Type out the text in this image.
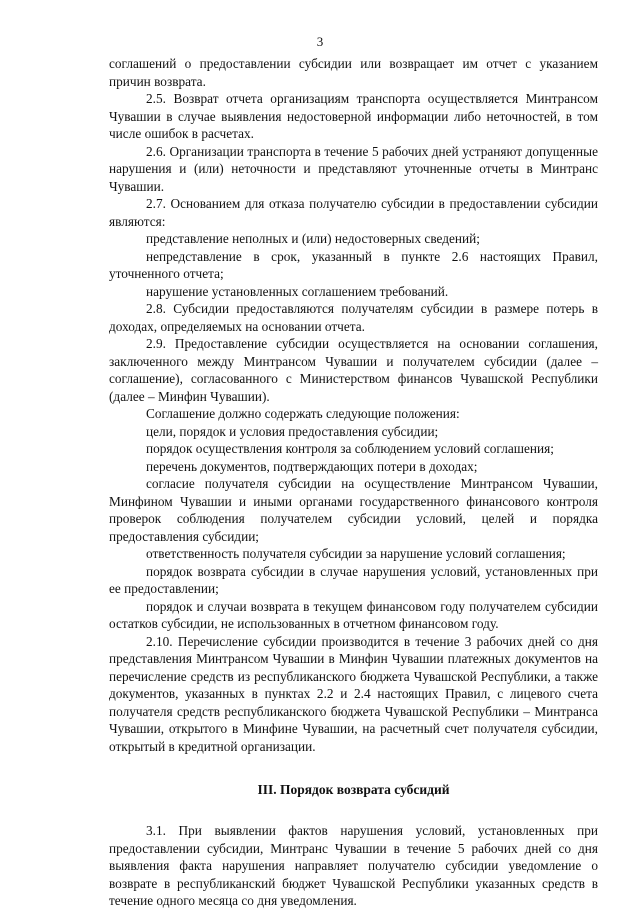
3

соглашений о предоставлении субсидии или возвращает им отчет с указанием причин возврата.

2.5. Возврат отчета организациям транспорта осуществляется Минтрансом Чувашии в случае выявления недостоверной информации либо неточностей, в том числе ошибок в расчетах.

2.6. Организации транспорта в течение 5 рабочих дней устраняют допущенные нарушения и (или) неточности и представляют уточненные отчеты в Минтранс Чувашии.

2.7. Основанием для отказа получателю субсидии в предоставлении субсидии являются:

представление неполных и (или) недостоверных сведений;

непредставление в срок, указанный в пункте 2.6 настоящих Правил, уточненного отчета;

нарушение установленных соглашением требований.

2.8. Субсидии предоставляются получателям субсидии в размере потерь в доходах, определяемых на основании отчета.

2.9. Предоставление субсидии осуществляется на основании соглашения, заключенного между Минтрансом Чувашии и получателем субсидии (далее – соглашение), согласованного с Министерством финансов Чувашской Республики (далее – Минфин Чувашии).

Соглашение должно содержать следующие положения:

цели, порядок и условия предоставления субсидии;

порядок осуществления контроля за соблюдением условий соглашения;

перечень документов, подтверждающих потери в доходах;

согласие получателя субсидии на осуществление Минтрансом Чувашии, Минфином Чувашии и иными органами государственного финансового контроля проверок соблюдения получателем субсидии условий, целей и порядка предоставления субсидии;

ответственность получателя субсидии за нарушение условий соглашения;

порядок возврата субсидии в случае нарушения условий, установленных при ее предоставлении;

порядок и случаи возврата в текущем финансовом году получателем субсидии остатков субсидии, не использованных в отчетном финансовом году.

2.10. Перечисление субсидии производится в течение 3 рабочих дней со дня представления Минтрансом Чувашии в Минфин Чувашии платежных документов на перечисление средств из республиканского бюджета Чувашской Республики, а также документов, указанных в пунктах 2.2 и 2.4 настоящих Правил, с лицевого счета получателя средств республиканского бюджета Чувашской Республики – Минтранса Чувашии, открытого в Минфине Чувашии, на расчетный счет получателя субсидии, открытый в кредитной организации.

III. Порядок возврата субсидий

3.1. При выявлении фактов нарушения условий, установленных при предоставлении субсидии, Минтранс Чувашии в течение 5 рабочих дней со дня выявления факта нарушения направляет получателю субсидии уведомление о возврате в республиканский бюджет Чувашской Республики указанных средств в течение одного месяца со дня уведомления.
